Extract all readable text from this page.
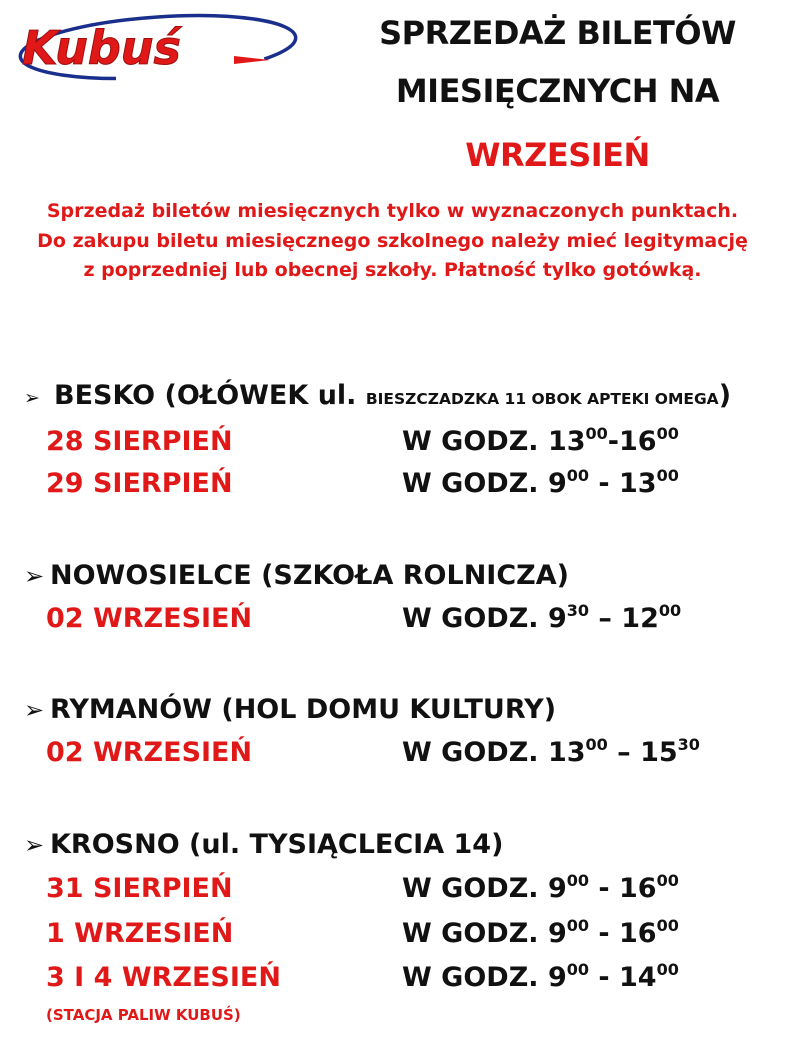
Kubuś	SPRZEDAŻ BILETÓW
MIESIĘCZNYCH NA
WRZESIEŃ
Sprzedaż biletów miesięcznych tylko w wyznaczonych punktach.
Do zakupu biletu miesięcznego szkolnego należy mieć legitymację
z poprzedniej lub obecnej szkoły. Płatność tylko gotówką.
➢ BESKO (OŁÓWEK ul. BIESZCZADZKA 11 OBOK APTEKI OMEGA)
28 SIERPIEŃ	W GODZ. $13^{00}-16^{00}$
29 SIERPIEŃ	W GODZ. $9^{00} - 13^{00}$
➢ NOWOSIELCE (SZKOŁA ROLNICZA)
02 WRZESIEŃ	W GODZ. $9^{30} - 12^{00}$
➢ RYMANÓW (HOL DOMU KULTURY)
02 WRZESIEŃ	W GODZ. $13^{00} - 15^{30}$
➢ KROSNO (ul. TYSIĄCLECIA 14)
31 SIERPIEŃ	W GODZ. $9^{00} - 16^{00}$
1 WRZESIEŃ	W GODZ. $9^{00} - 16^{00}$
3 I 4 WRZESIEŃ	W GODZ. $9^{00} - 14^{00}$
(STACJA PALIW KUBUŚ)
